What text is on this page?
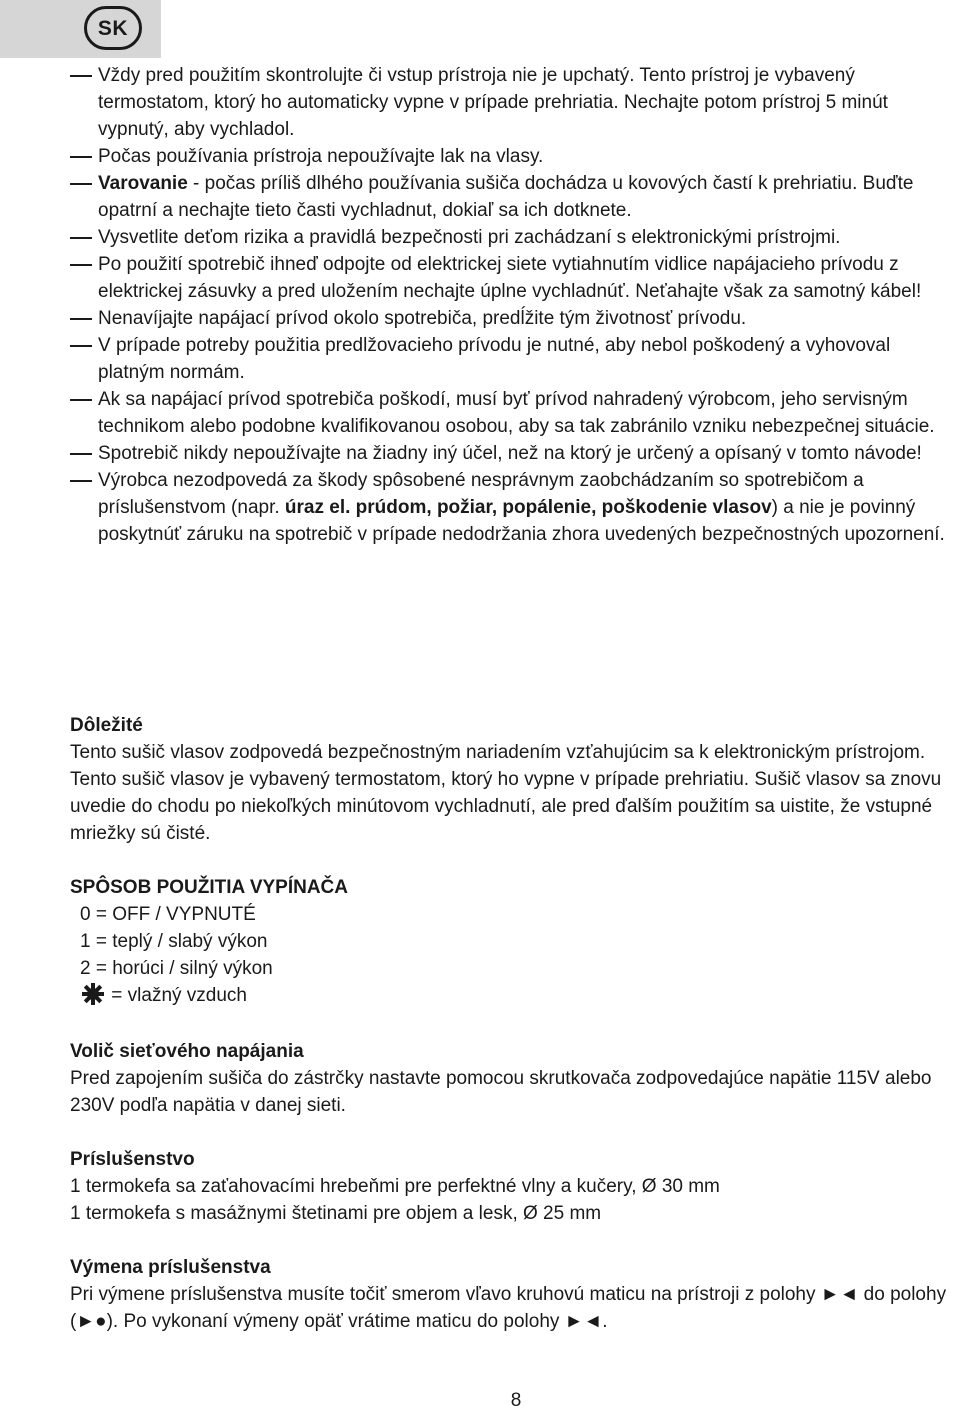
SK
Vždy pred použitím skontrolujte či vstup prístroja nie je upchatý. Tento prístroj je vybavený termostatom, ktorý ho automaticky vypne v prípade prehriatia. Nechajte potom prístroj 5 minút vypnutý, aby vychladol.
Počas používania prístroja nepoužívajte lak na vlasy.
Varovanie - počas príliš dlhého používania sušiča dochádza u kovových častí k prehriatiu. Buďte opatrní a nechajte tieto časti vychladnut, dokiaľ sa ich dotknete.
Vysvetlite deťom rizika a pravidlá bezpečnosti pri zachádzaní s elektronickými prístrojmi.
Po použití spotrebič ihneď odpojte od elektrickej siete vytiahnutím vidlice napájacieho prívodu z elektrickej zásuvky a pred uložením nechajte úplne vychladnúť. Neťahajte však za samotný kábel!
Nenavíjajte napájací prívod okolo spotrebiča, predĺžite tým životnosť prívodu.
V prípade potreby použitia predlžovacieho prívodu je nutné, aby nebol poškodený a vyhovoval platným normám.
Ak sa napájací prívod spotrebiča poškodí, musí byť prívod nahradený výrobcom, jeho servisným technikom alebo podobne kvalifikovanou osobou, aby sa tak zabránilo vzniku nebezpečnej situácie.
Spotrebič nikdy nepoužívajte na žiadny iný účel, než na ktorý je určený a opísaný v tomto návode!
Výrobca nezodpovedá za škody spôsobené nesprávnym zaobchádzaním so spotrebičom a príslušenstvom (napr. úraz el. prúdom, požiar, popálenie, poškodenie vlasov) a nie je povinný poskytnúť záruku na spotrebič v prípade nedodržania zhora uvedených bezpečnostných upozornení.
Dôležité

Tento sušič vlasov zodpovedá bezpečnostným nariadením vzťahujúcim sa k elektronickým prístrojom. Tento sušič vlasov je vybavený termostatom, ktorý ho vypne v prípade prehriatiu. Sušič vlasov sa znovu uvedie do chodu po niekoľkých minútovom vychladnutí, ale pred ďalším použitím sa uistite, že vstupné mriežky sú čisté.

SPÔSOB POUŽITIA VYPÍNAČA
0 = OFF / VYPNUTÉ
1 = teplý / slabý výkon
2 = horúci / silný výkon
= vlažný vzduch
Volič sieťového napájania

Pred zapojením sušiča do zástrčky nastavte pomocou skrutkovača zodpovedajúce napätie 115V alebo 230V podľa napätia v danej sieti.

Príslušenstvo

1 termokefa sa zaťahovacími hrebeňmi pre perfektné vlny a kučery, Ø 30 mm

1 termokefa s masážnymi štetinami pre objem a lesk, Ø 25 mm

Výmena príslušenstva

Pri výmene príslušenstva musíte točiť smerom vľavo kruhovú maticu na prístroji z polohy ►◄ do polohy (►●). Po vykonaní výmeny opäť vrátime maticu do polohy ►◄.

8
